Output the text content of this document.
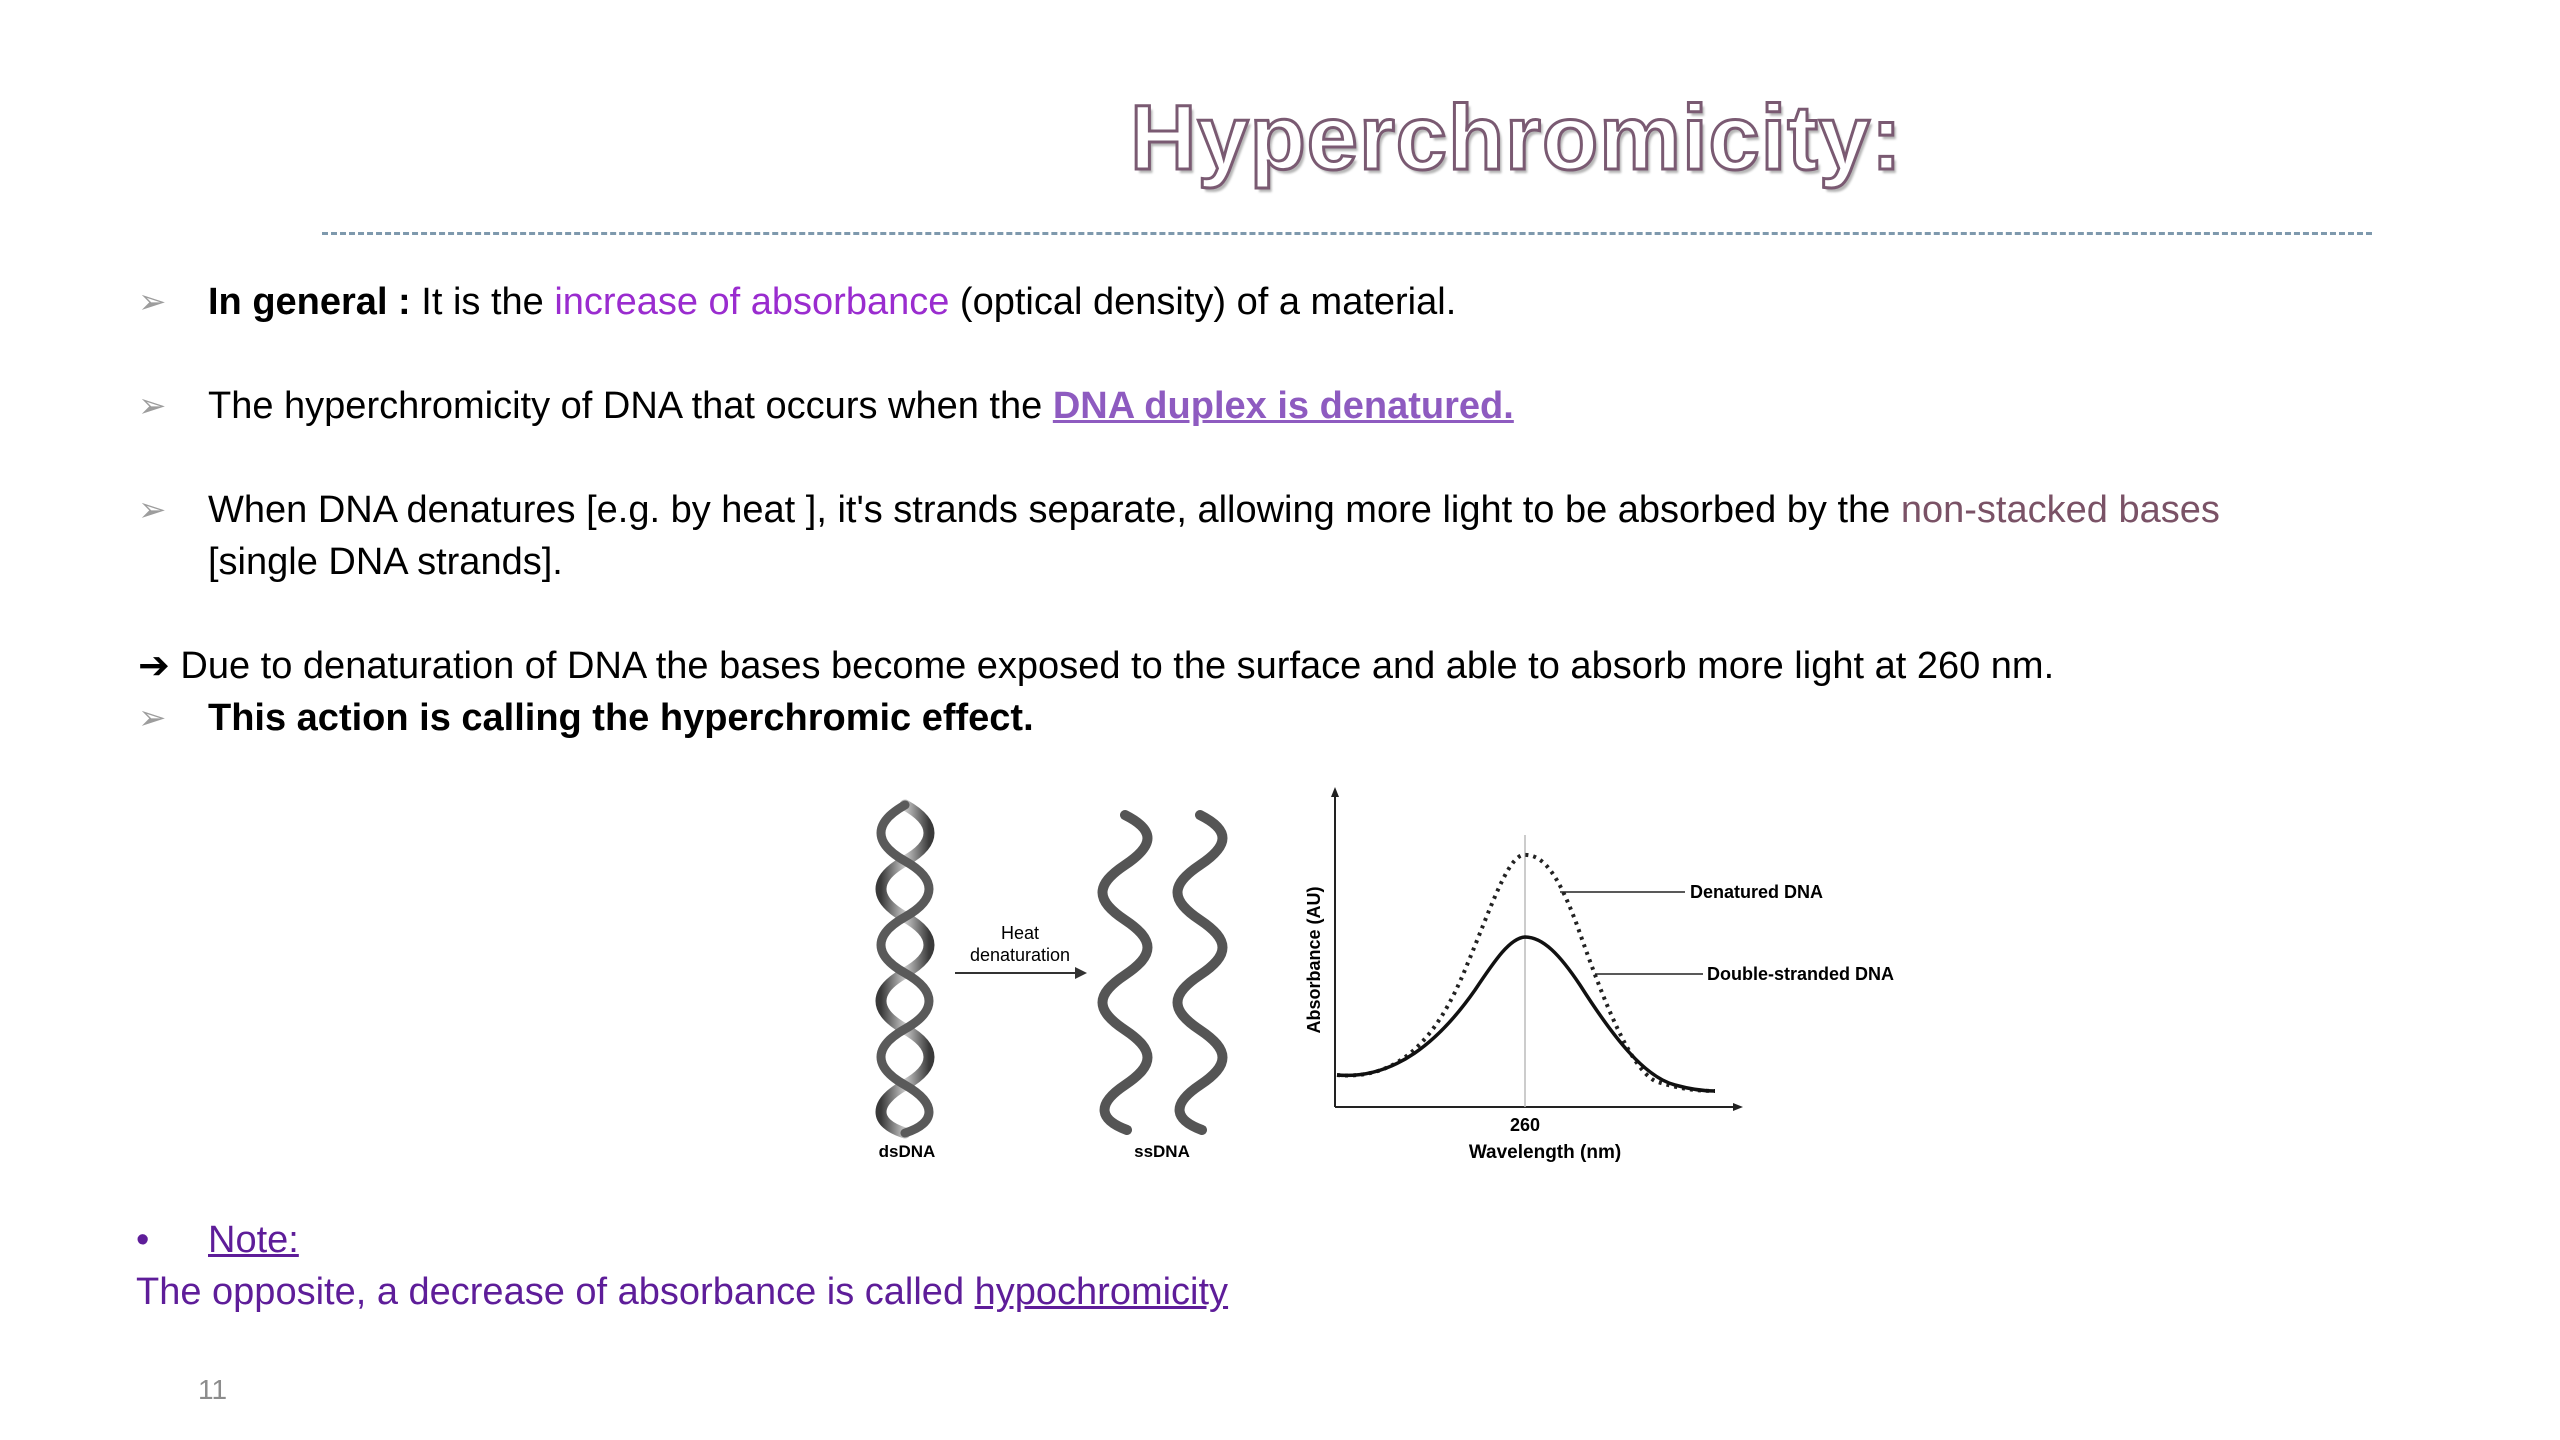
Hyperchromicity:
➢ In general : It is the increase of absorbance (optical density) of a material.
➢ The hyperchromicity of DNA that occurs when the DNA duplex is denatured.
➢ When DNA denatures [e.g. by heat ], it's strands separate, allowing more light to be absorbed by the non-stacked bases
[single DNA strands].
➔ Due to denaturation of DNA the bases become exposed to the surface and able to absorb more light at 260 nm.
➢ This action is calling the hyperchromic effect.
dsDNA
Heat
denaturation
ssDNA
Denatured DNA
Double-stranded DNA
260
Wavelength (nm)
Absorbance (AU)
• Note:
The opposite, a decrease of absorbance is called hypochromicity
11
